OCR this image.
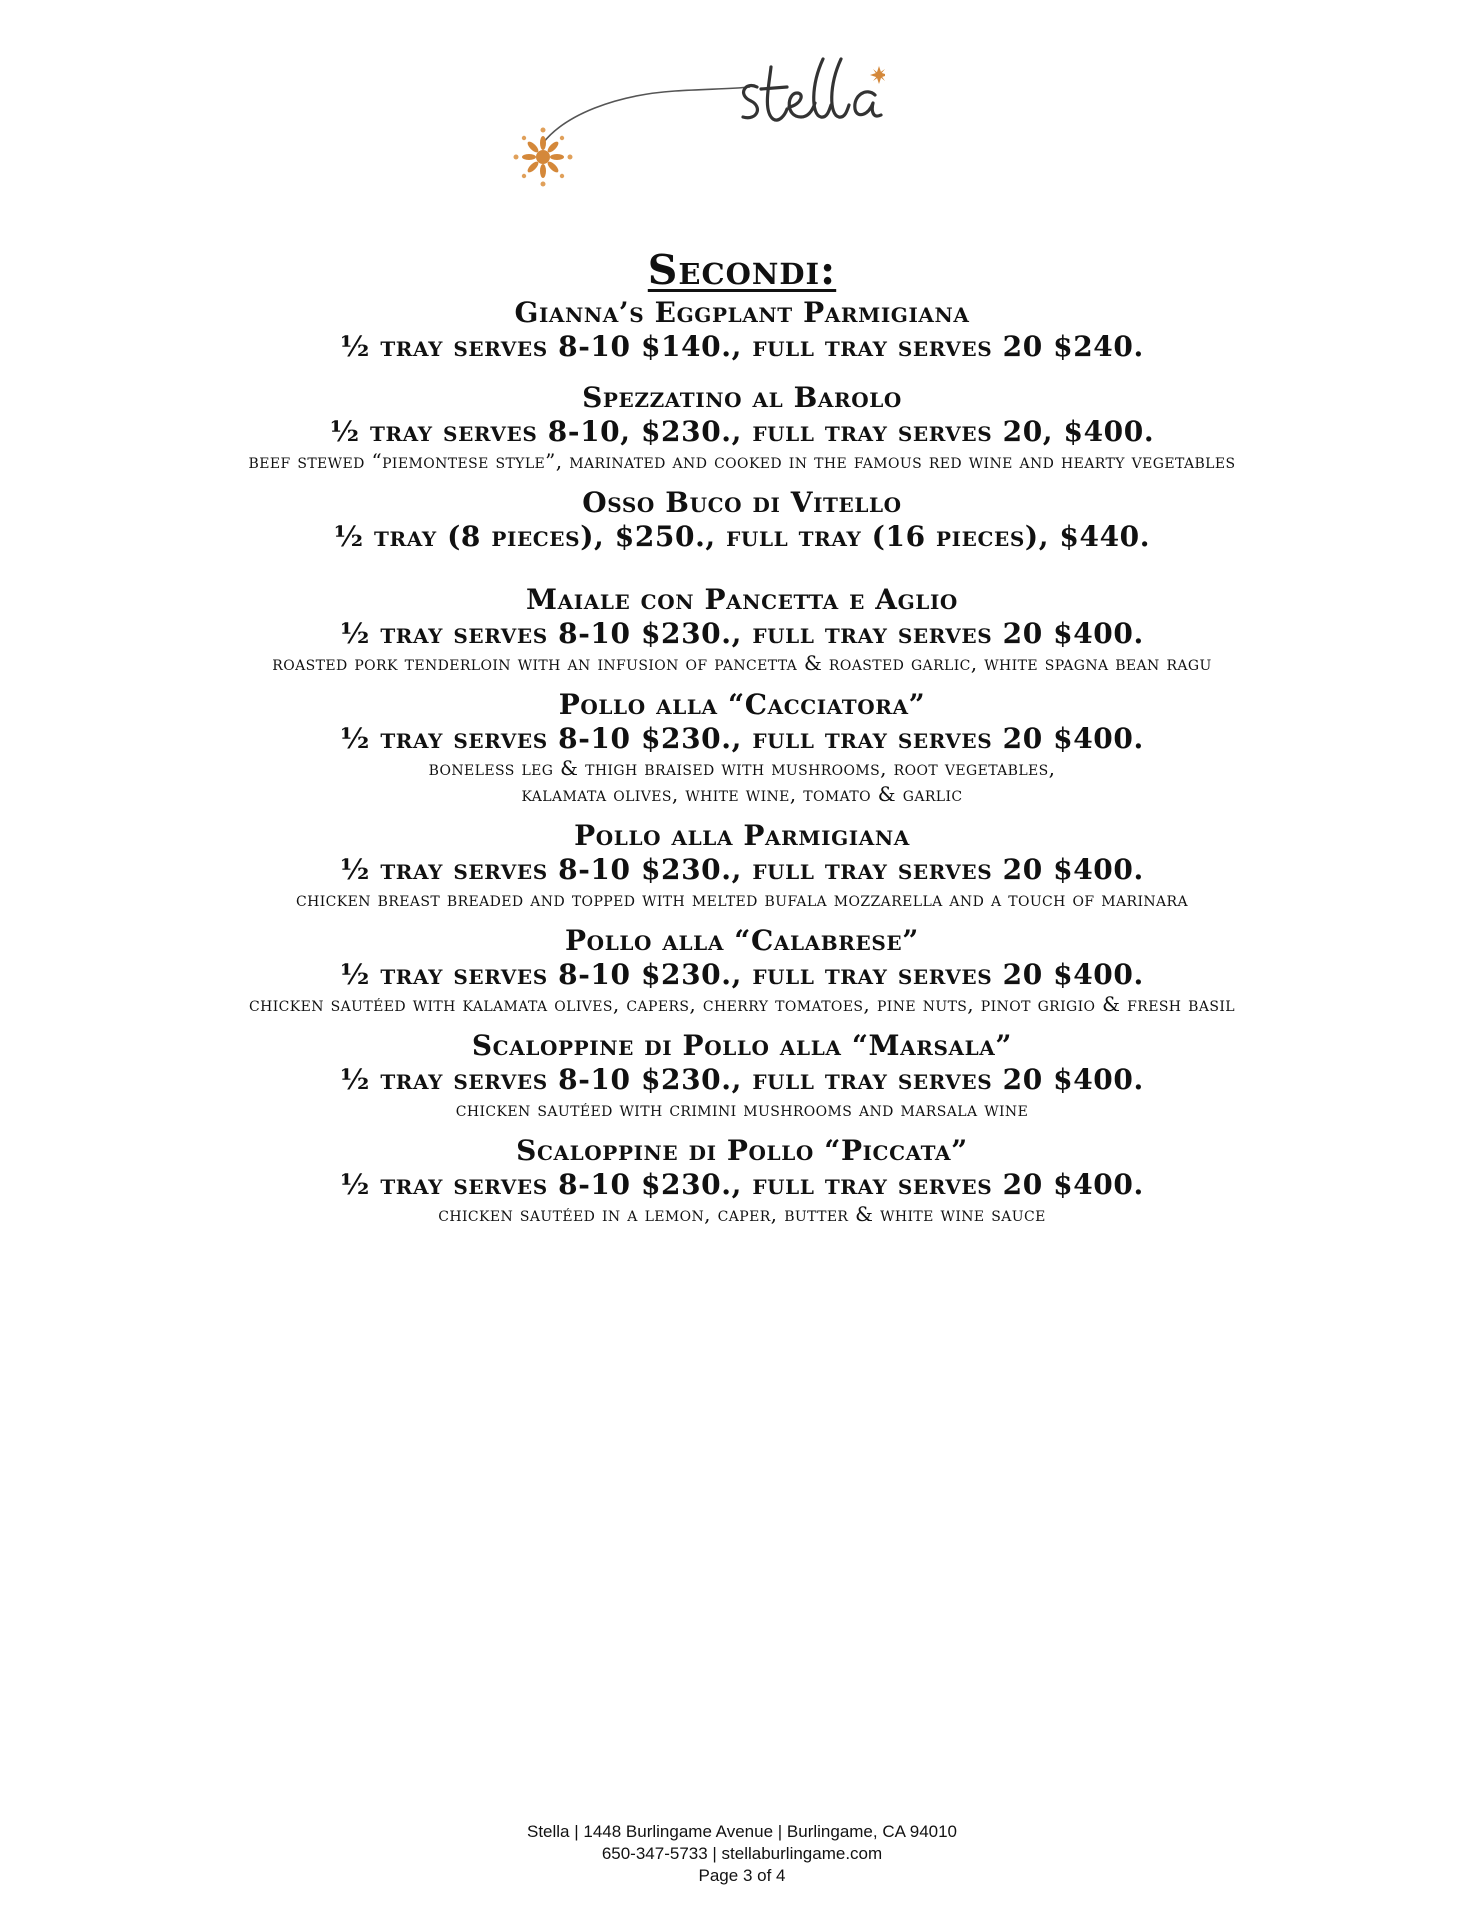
Secondi:
Gianna’s Eggplant Parmigiana
½ tray serves 8-10 $140., full tray serves 20 $240.
Spezzatino al Barolo
½ tray serves 8-10, $230., full tray serves 20, $400.
beef stewed “piemontese style”, marinated and cooked in the famous red wine and hearty vegetables
Osso Buco di Vitello
½ tray (8 pieces), $250., full tray (16 pieces), $440.
Maiale con Pancetta e Aglio
½ tray serves 8-10 $230., full tray serves 20 $400.
roasted pork tenderloin with an infusion of pancetta & roasted garlic, white spagna bean ragu
Pollo alla “Cacciatora”
½ tray serves 8-10 $230., full tray serves 20 $400.
boneless leg & thigh braised with mushrooms, root vegetables,
kalamata olives, white wine, tomato & garlic
Pollo alla Parmigiana
½ tray serves 8-10 $230., full tray serves 20 $400.
chicken breast breaded and topped with melted bufala mozzarella and a touch of marinara
Pollo alla “Calabrese”
½ tray serves 8-10 $230., full tray serves 20 $400.
chicken sautéed with kalamata olives, capers, cherry tomatoes, pine nuts, pinot grigio & fresh basil
Scaloppine di Pollo alla “Marsala”
½ tray serves 8-10 $230., full tray serves 20 $400.
chicken sautéed with crimini mushrooms and marsala wine
Scaloppine di Pollo “Piccata”
½ tray serves 8-10 $230., full tray serves 20 $400.
chicken sautéed in a lemon, caper, butter & white wine sauce
Stella | 1448 Burlingame Avenue | Burlingame, CA 94010
650-347-5733 | stellaburlingame.com
Page 3 of 4
